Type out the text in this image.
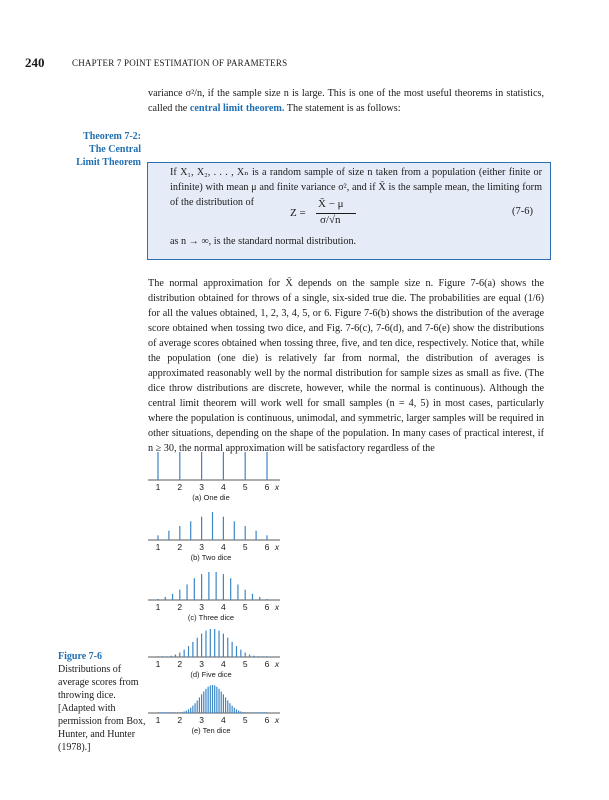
240	CHAPTER 7 POINT ESTIMATION OF PARAMETERS
variance σ²/n, if the sample size n is large. This is one of the most useful theorems in statistics, called the central limit theorem. The statement is as follows:
Theorem 7-2:
The Central
Limit Theorem
If X₁, X₂, . . . , Xₙ is a random sample of size n taken from a population (either finite or infinite) with mean μ and finite variance σ², and if X̄ is the sample mean, the limiting form of the distribution of
Z =
X̄ − μ
σ/√n
(7-6)
as n → ∞, is the standard normal distribution.
The normal approximation for X̄ depends on the sample size n. Figure 7-6(a) shows the distribution obtained for throws of a single, six-sided true die. The probabilities are equal (1/6) for all the values obtained, 1, 2, 3, 4, 5, or 6. Figure 7-6(b) shows the distribution of the average score obtained when tossing two dice, and Fig. 7-6(c), 7-6(d), and 7-6(e) show the distributions of average scores obtained when tossing three, five, and ten dice, respectively. Notice that, while the population (one die) is relatively far from normal, the distribution of averages is approximated reasonably well by the normal distribution for sample sizes as small as five. (The dice throw distributions are discrete, however, while the normal is continuous). Although the central limit theorem will work well for small samples (n = 4, 5) in most cases, particularly where the population is continuous, unimodal, and symmetric, larger samples will be required in other situations, depending on the shape of the population. In many cases of practical interest, if n ≥ 30, the normal approximation will be satisfactory regardless of the
Figure 7-6
Distributions of average scores from throwing dice. [Adapted with permission from Box, Hunter, and Hunter (1978).]
1 2 3 4 5 6 x
(a) One die
1 2 3 4 5 6 x
(b) Two dice
1 2 3 4 5 6 x
(c) Three dice
1 2 3 4 5 6 x
(d) Five dice
1 2 3 4 5 6 x
(e) Ten dice
